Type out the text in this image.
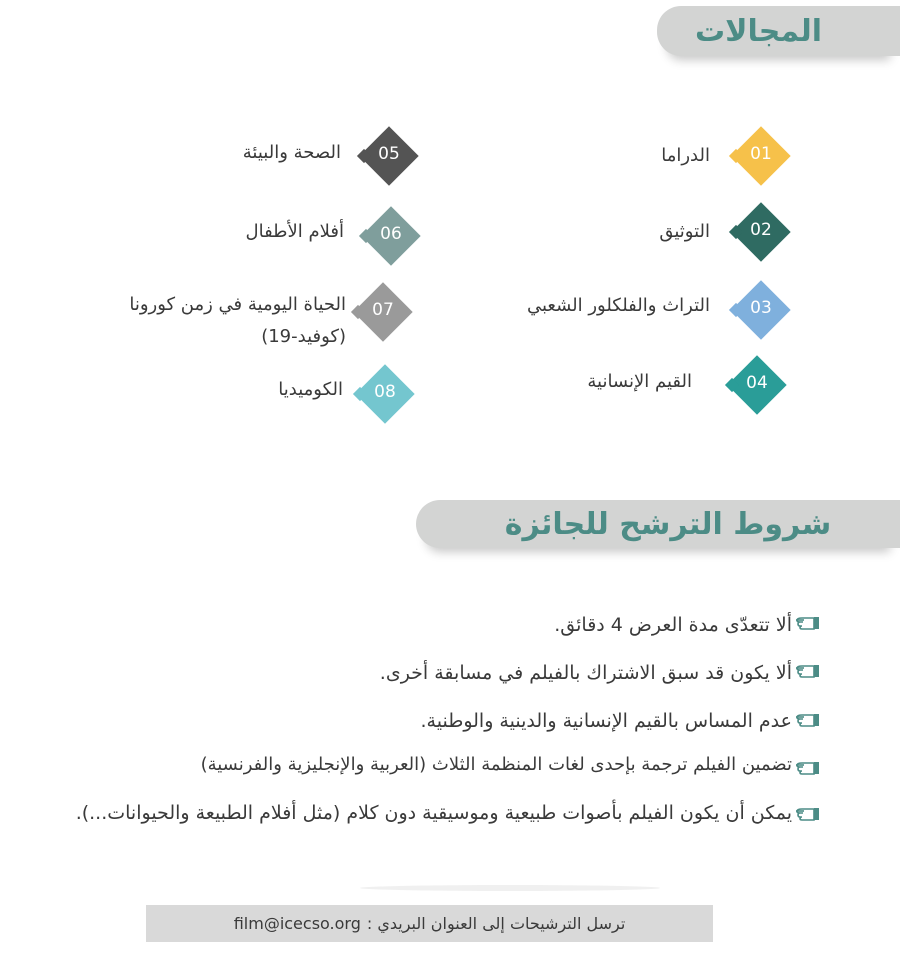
المجالات
01
الدراما
02
التوثيق
03
التراث والفلكلور الشعبي
04
القيم الإنسانية
05
الصحة والبيئة
06
أفلام الأطفال
07
الحياة اليومية في زمن كورونا
(كوفيد-19)
08
الكوميديا
شروط الترشح للجائزة
ألا تتعدّى مدة العرض 4 دقائق.
ألا يكون قد سبق الاشتراك بالفيلم في مسابقة أخرى.
عدم المساس بالقيم الإنسانية والدينية والوطنية.
تضمين الفيلم ترجمة بإحدى لغات المنظمة الثلاث (العربية والإنجليزية والفرنسية)
يمكن أن يكون الفيلم بأصوات طبيعية وموسيقية دون كلام (مثل أفلام الطبيعة والحيوانات...).
ترسل الترشيحات إلى العنوان البريدي :
film@icecso.org
